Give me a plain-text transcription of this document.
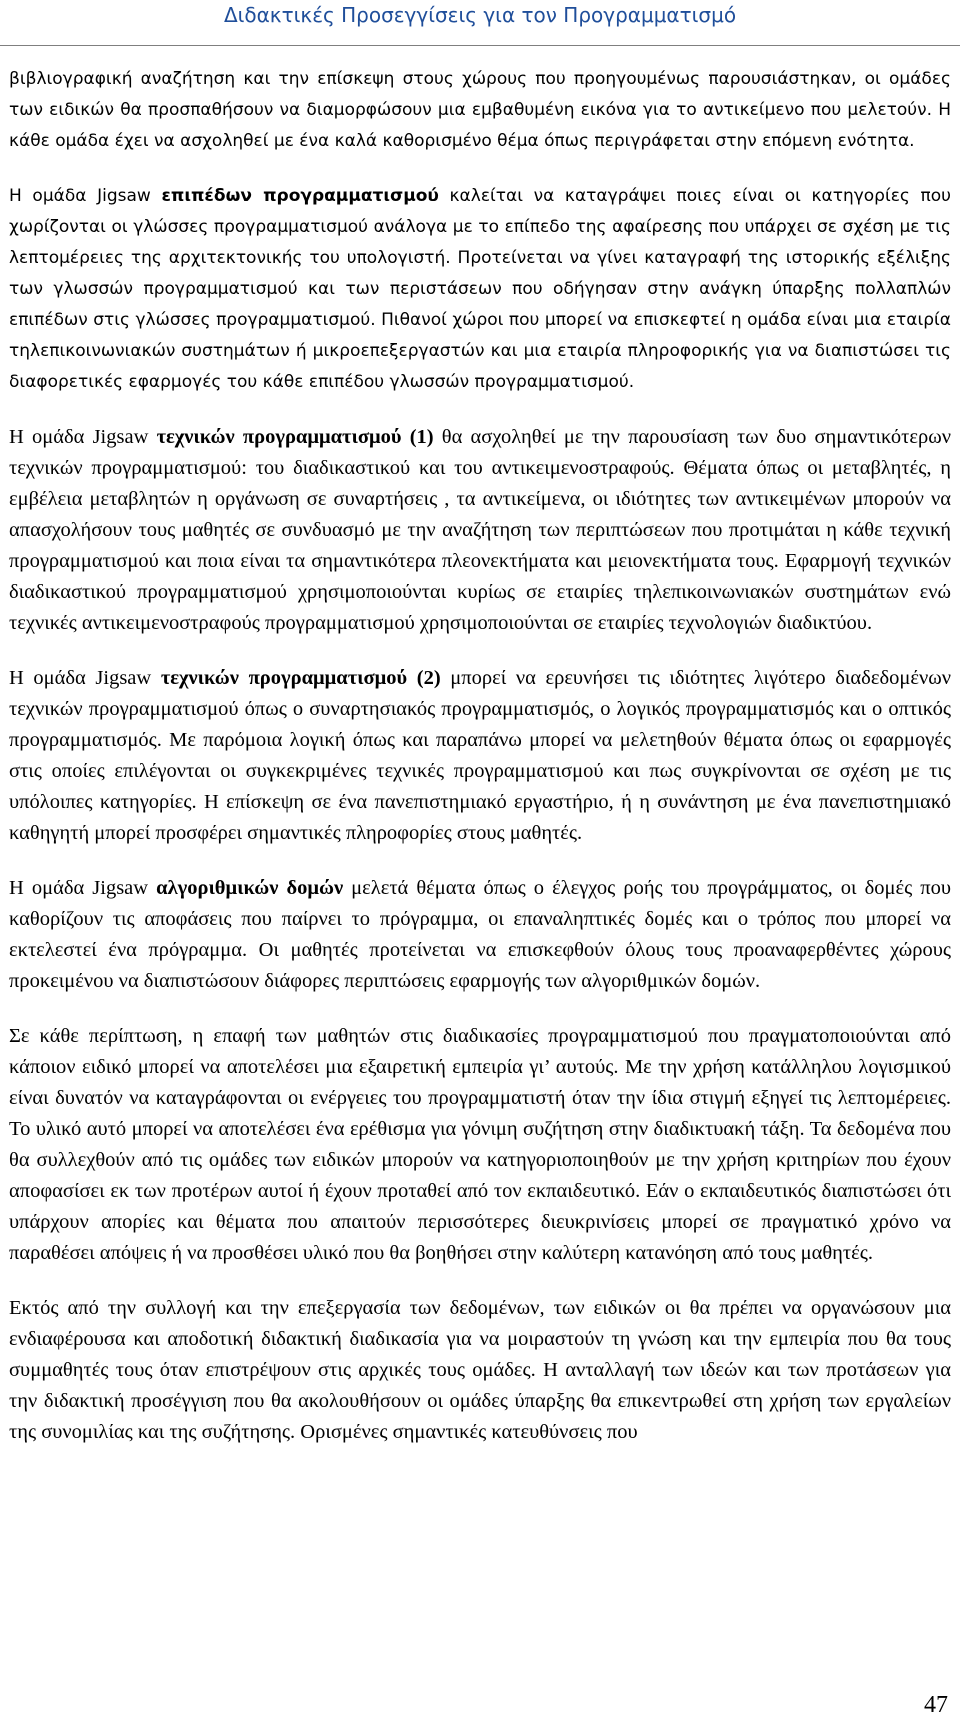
Διδακτικές Προσεγγίσεις για τον Προγραμματισμό

βιβλιογραφική αναζήτηση και την επίσκεψη στους χώρους που προηγουμένως παρουσιάστηκαν, οι ομάδες των ειδικών θα προσπαθήσουν να διαμορφώσουν μια εμβαθυμένη εικόνα για το αντικείμενο που μελετούν. Η κάθε ομάδα έχει να ασχοληθεί με ένα καλά καθορισμένο θέμα όπως περιγράφεται στην επόμενη ενότητα.

Η ομάδα Jigsaw επιπέδων προγραμματισμού καλείται να καταγράψει ποιες είναι οι κατηγορίες που χωρίζονται οι γλώσσες προγραμματισμού ανάλογα με το επίπεδο της αφαίρεσης που υπάρχει σε σχέση με τις λεπτομέρειες της αρχιτεκτονικής του υπολογιστή. Προτείνεται να γίνει καταγραφή της ιστορικής εξέλιξης των γλωσσών προγραμματισμού και των περιστάσεων που οδήγησαν στην ανάγκη ύπαρξης πολλαπλών επιπέδων στις γλώσσες προγραμματισμού. Πιθανοί χώροι που μπορεί να επισκεφτεί η ομάδα είναι μια εταιρία τηλεπικοινωνιακών συστημάτων ή μικροεπεξεργαστών και μια εταιρία πληροφορικής για να διαπιστώσει τις διαφορετικές εφαρμογές του κάθε επιπέδου γλωσσών προγραμματισμού.

Η ομάδα Jigsaw τεχνικών προγραμματισμού (1) θα ασχοληθεί με την παρουσίαση των δυο σημαντικότερων τεχνικών προγραμματισμού: του διαδικαστικού και του αντικειμενοστραφούς. Θέματα όπως οι μεταβλητές, η εμβέλεια μεταβλητών η οργάνωση σε συναρτήσεις , τα αντικείμενα, οι ιδιότητες των αντικειμένων μπορούν να απασχολήσουν τους μαθητές σε συνδυασμό με την αναζήτηση των περιπτώσεων που προτιμάται η κάθε τεχνική προγραμματισμού και ποια είναι τα σημαντικότερα πλεονεκτήματα και μειονεκτήματα τους. Εφαρμογή τεχνικών διαδικαστικού προγραμματισμού χρησιμοποιούνται κυρίως σε εταιρίες τηλεπικοινωνιακών συστημάτων ενώ τεχνικές αντικειμενοστραφούς προγραμματισμού χρησιμοποιούνται σε εταιρίες τεχνολογιών διαδικτύου.

Η ομάδα Jigsaw τεχνικών προγραμματισμού (2) μπορεί να ερευνήσει τις ιδιότητες λιγότερο διαδεδομένων τεχνικών προγραμματισμού όπως ο συναρτησιακός προγραμματισμός, ο λογικός προγραμματισμός και ο οπτικός προγραμματισμός. Με παρόμοια λογική όπως και παραπάνω μπορεί να μελετηθούν θέματα όπως οι εφαρμογές στις οποίες επιλέγονται οι συγκεκριμένες τεχνικές προγραμματισμού και πως συγκρίνονται σε σχέση με τις υπόλοιπες κατηγορίες. Η επίσκεψη σε ένα πανεπιστημιακό εργαστήριο, ή η συνάντηση με ένα πανεπιστημιακό καθηγητή μπορεί προσφέρει σημαντικές πληροφορίες στους μαθητές.

Η ομάδα Jigsaw αλγοριθμικών δομών μελετά θέματα όπως ο έλεγχος ροής του προγράμματος, οι δομές που καθορίζουν τις αποφάσεις που παίρνει το πρόγραμμα, οι επαναληπτικές δομές και ο τρόπος που μπορεί να εκτελεστεί ένα πρόγραμμα. Οι μαθητές προτείνεται να επισκεφθούν όλους τους προαναφερθέντες χώρους προκειμένου να διαπιστώσουν διάφορες περιπτώσεις εφαρμογής των αλγοριθμικών δομών.

Σε κάθε περίπτωση, η επαφή των μαθητών στις διαδικασίες προγραμματισμού που πραγματοποιούνται από κάποιον ειδικό μπορεί να αποτελέσει μια εξαιρετική εμπειρία γι’ αυτούς. Με την χρήση κατάλληλου λογισμικού είναι δυνατόν να καταγράφονται οι ενέργειες του προγραμματιστή όταν την ίδια στιγμή εξηγεί τις λεπτομέρειες. Το υλικό αυτό μπορεί να αποτελέσει ένα ερέθισμα για γόνιμη συζήτηση στην διαδικτυακή τάξη. Τα δεδομένα που θα συλλεχθούν από τις ομάδες των ειδικών μπορούν να κατηγοριοποιηθούν με την χρήση κριτηρίων που έχουν αποφασίσει εκ των προτέρων αυτοί ή έχουν προταθεί από τον εκπαιδευτικό. Εάν ο εκπαιδευτικός διαπιστώσει ότι υπάρχουν απορίες και θέματα που απαιτούν περισσότερες διευκρινίσεις μπορεί σε πραγματικό χρόνο να παραθέσει απόψεις ή να προσθέσει υλικό που θα βοηθήσει στην καλύτερη κατανόηση από τους μαθητές.

Εκτός από την συλλογή και την επεξεργασία των δεδομένων, των ειδικών οι θα πρέπει να οργανώσουν μια ενδιαφέρουσα και αποδοτική διδακτική διαδικασία για να μοιραστούν τη γνώση και την εμπειρία που θα τους συμμαθητές τους όταν επιστρέψουν στις αρχικές τους ομάδες. Η ανταλλαγή των ιδεών και των προτάσεων για την διδακτική προσέγγιση που θα ακολουθήσουν οι ομάδες ύπαρξης θα επικεντρωθεί στη χρήση των εργαλείων της συνομιλίας και της συζήτησης. Ορισμένες σημαντικές κατευθύνσεις που

47
